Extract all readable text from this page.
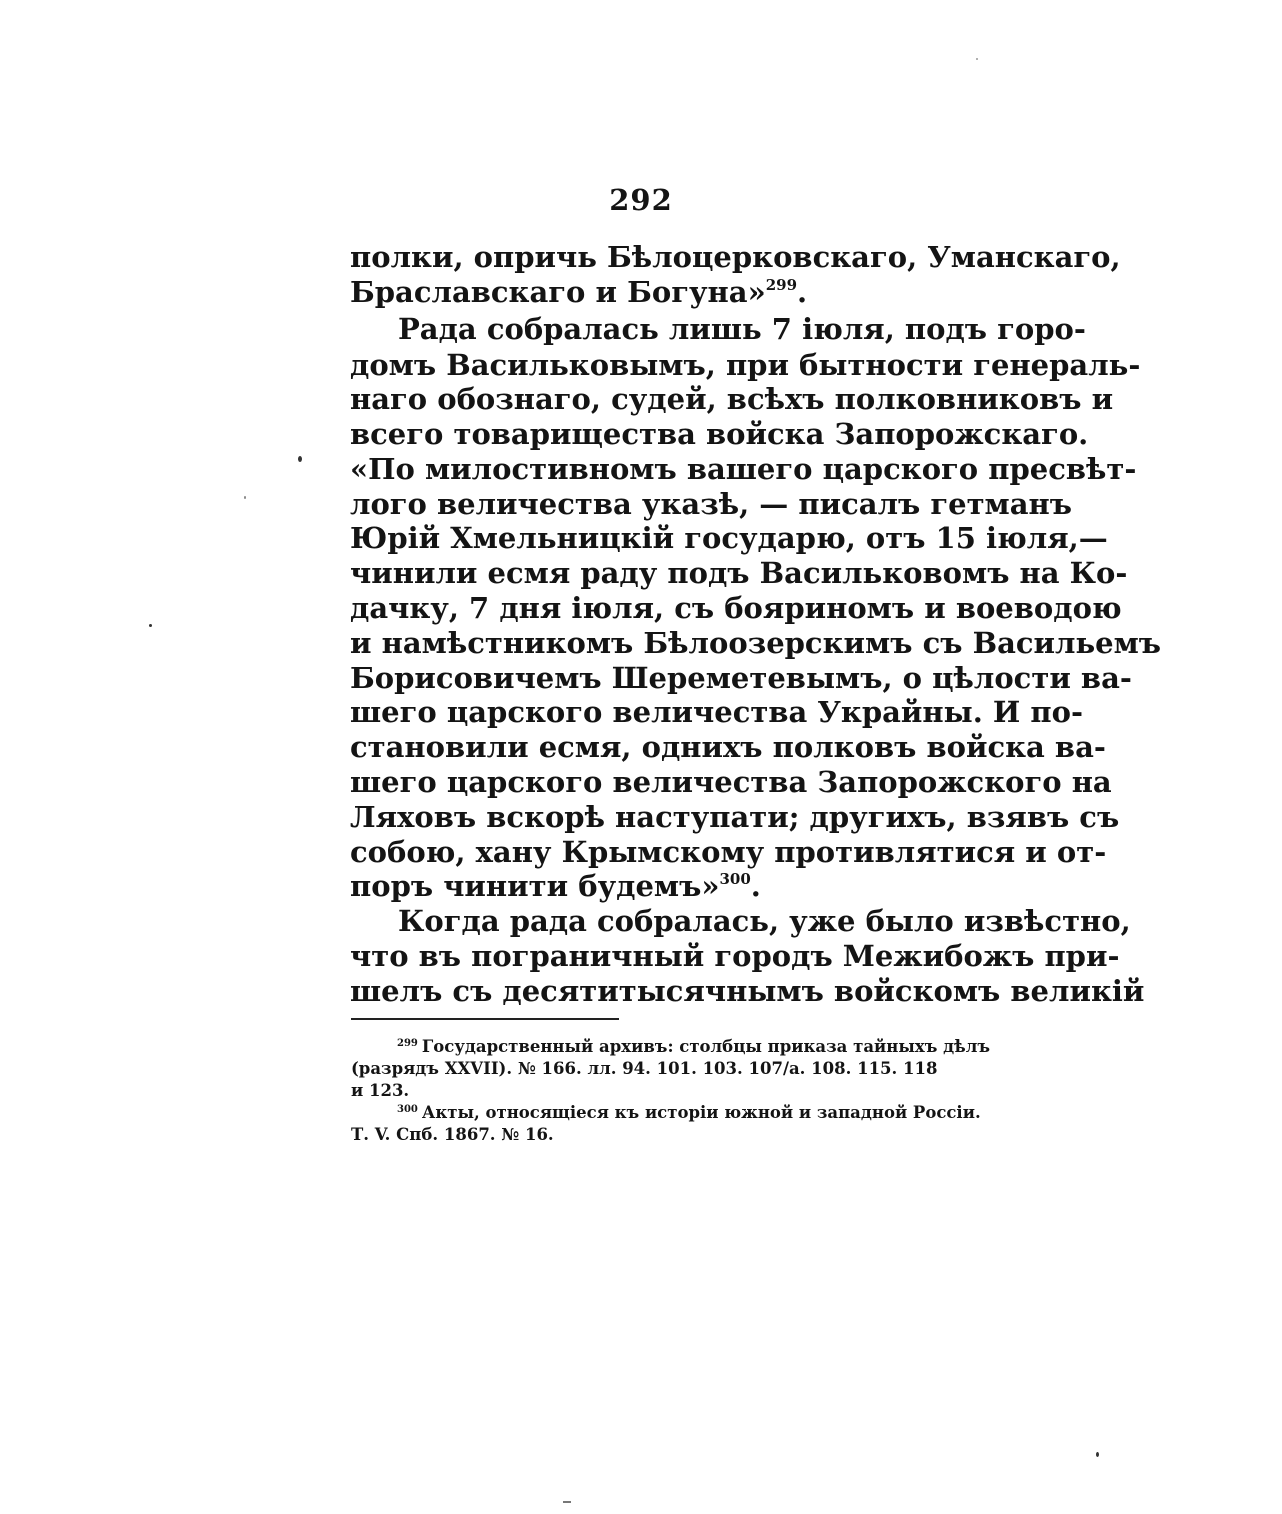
292
полки, опричь Бѣлоцерковскаго, Уманскаго,
Браславскаго и Богуна»$^{299}$.
Рада собралась лишь 7 іюля, подъ горо-
домъ Васильковымъ, при бытности генераль-
наго обознаго, судей, всѣхъ полковниковъ и
всего товарищества войска Запорожскаго.
«По милостивномъ вашего царского пресвѣт-
лого величества указѣ, — писалъ гетманъ
Юрій Хмельницкій государю, отъ 15 іюля,—
чинили есмя раду подъ Васильковомъ на Ко-
дачку, 7 дня іюля, съ бояриномъ и воеводою
и намѣстникомъ Бѣлоозерскимъ съ Васильемъ
Борисовичемъ Шереметевымъ, о цѣлости ва-
шего царского величества Украйны. И по-
становили есмя, однихъ полковъ войска ва-
шего царского величества Запорожского на
Ляховъ вскорѣ наступати; другихъ, взявъ съ
собою, хану Крымскому противлятися и от-
поръ чинити будемъ»$^{300}$.
Когда рада собралась, уже было извѣстно,
что въ пограничный городъ Межибожъ при-
шелъ съ десятитысячнымъ войскомъ великій
$^{299}$ Государственный архивъ: столбцы приказа тайныхъ дѣлъ
(разрядъ XXVII). № 166. лл. 94. 101. 103. 107/а. 108. 115. 118
и 123.
$^{300}$ Акты, относящіеся къ исторіи южной и западной Россіи.
Т. V. Спб. 1867. № 16.
